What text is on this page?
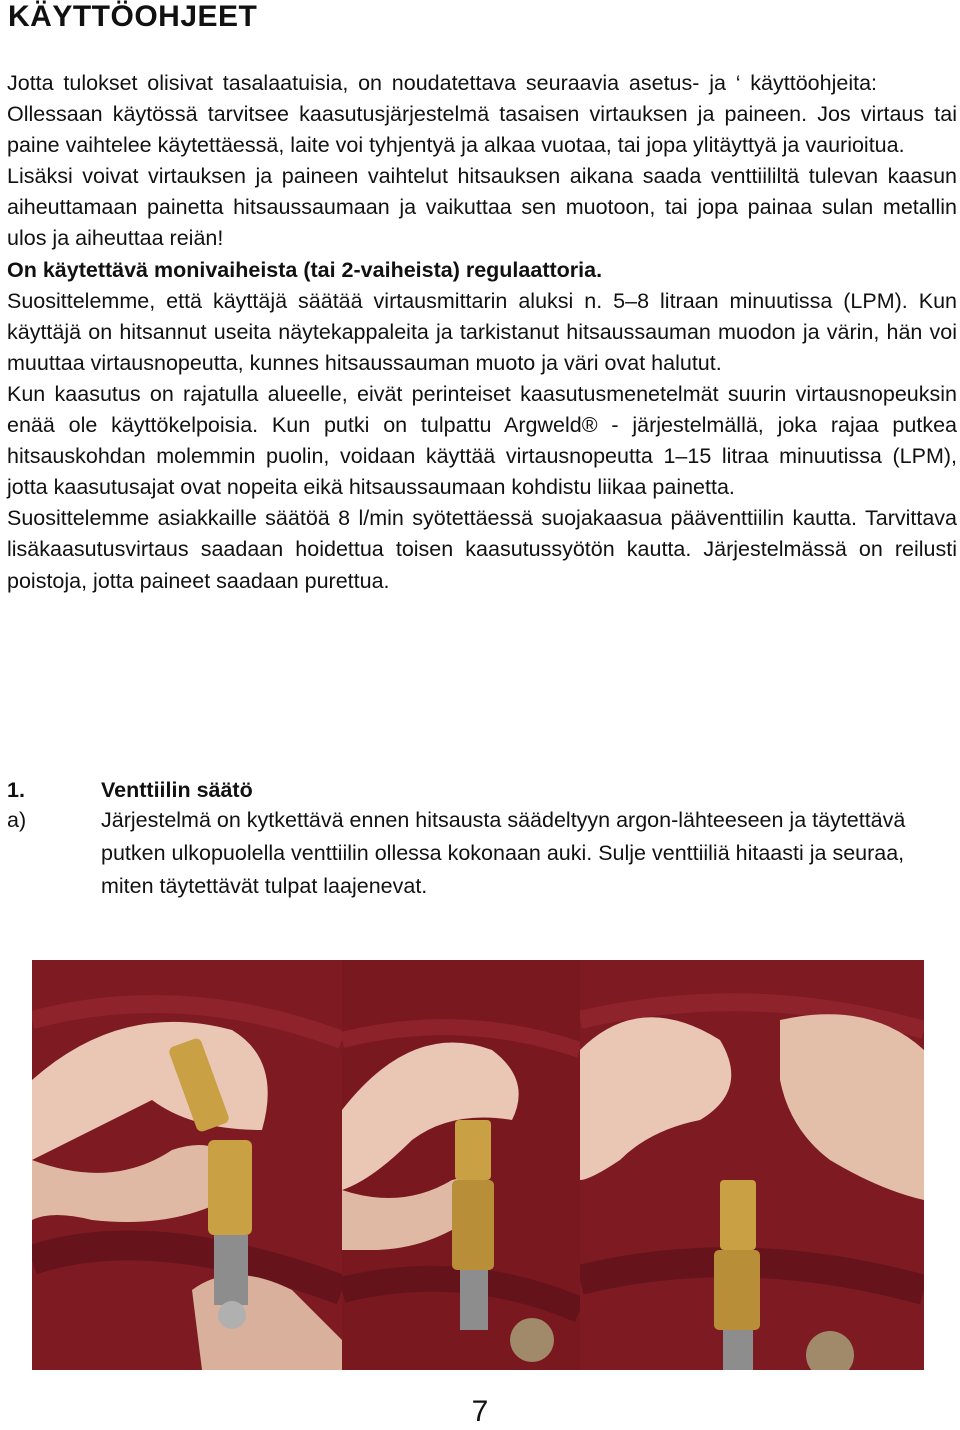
KÄYTTÖOHJEET

Jotta tulokset olisivat tasalaatuisia, on noudatettava seuraavia asetus- ja ‘ käyttöohjeita:

Ollessaan käytössä tarvitsee kaasutusjärjestelmä tasaisen virtauksen ja paineen. Jos virtaus tai paine vaihtelee käytettäessä, laite voi tyhjentyä ja alkaa vuotaa, tai jopa ylitäyttyä ja vaurioitua.

Lisäksi voivat virtauksen ja paineen vaihtelut hitsauksen aikana saada venttiililtä tulevan kaasun aiheuttamaan painetta hitsaussaumaan ja vaikuttaa sen muotoon, tai jopa painaa sulan metallin ulos ja aiheuttaa reiän!

On käytettävä monivaiheista (tai 2-vaiheista) regulaattoria.

Suosittelemme, että käyttäjä säätää virtausmittarin aluksi n. 5–8 litraan minuutissa (LPM). Kun käyttäjä on hitsannut useita näytekappaleita ja tarkistanut hitsaussauman muodon ja värin, hän voi muuttaa virtausnopeutta, kunnes hitsaussauman muoto ja väri ovat halutut.

Kun kaasutus on rajatulla alueelle, eivät perinteiset kaasutusmenetelmät suurin virtausnopeuksin enää ole käyttökelpoisia. Kun putki on tulpattu Argweld® - järjestelmällä, joka rajaa putkea hitsauskohdan molemmin puolin, voidaan käyttää virtausnopeutta 1–15 litraa minuutissa (LPM), jotta kaasutusajat ovat nopeita eikä hitsaussaumaan kohdistu liikaa painetta.

Suosittelemme asiakkaille säätöä 8 l/min syötettäessä suojakaasua pääventtiilin kautta. Tarvittava lisäkaasutusvirtaus saadaan hoidettua toisen kaasutussyötön kautta. Järjestelmässä on reilusti poistoja, jotta paineet saadaan purettua.

1.	Venttiilin säätö
a)	Järjestelmä on kytkettävä ennen hitsausta säädeltyyn argon-lähteeseen ja täytettävä putken ulkopuolella venttiilin ollessa kokonaan auki. Sulje venttiiliä hitaasti ja seuraa, miten täytettävät tulpat laajenevat.
7
